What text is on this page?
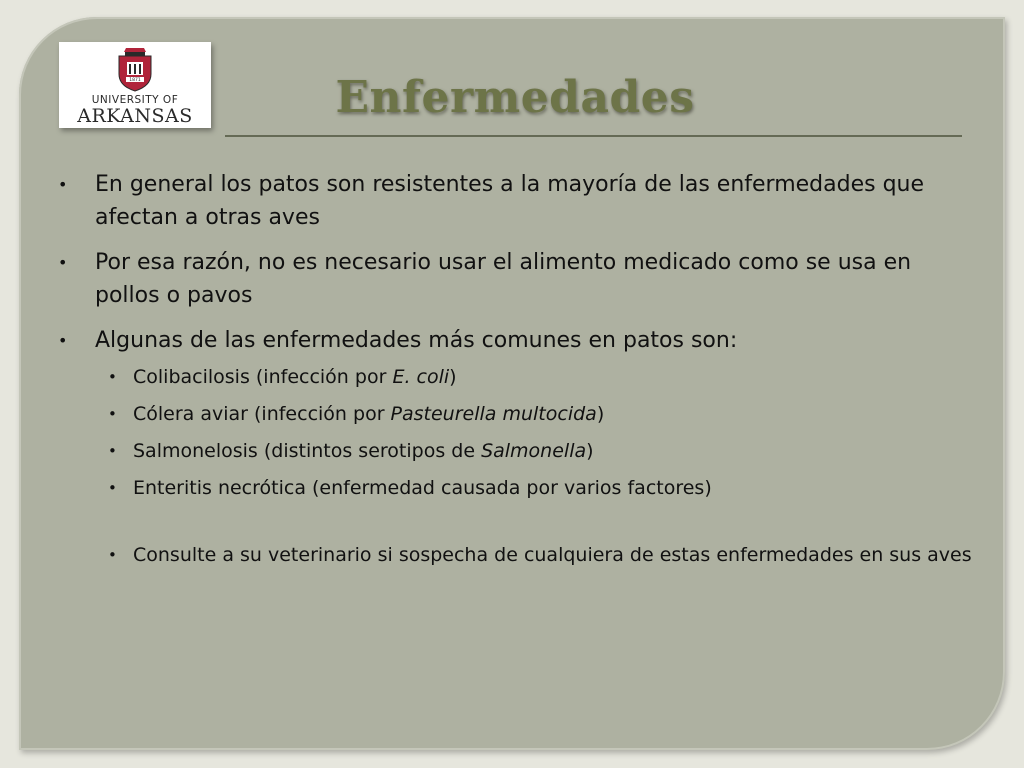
1871
UNIVERSITY OF
ARKANSAS	Enfermedades
• En general los patos son resistentes a la mayoría de las enfermedades que afectan a otras aves
• Por esa razón, no es necesario usar el alimento medicado como se usa en pollos o pavos
• Algunas de las enfermedades más comunes en patos son:
• Colibacilosis (infección por E. coli)
• Cólera aviar (infección por Pasteurella multocida)
• Salmonelosis (distintos serotipos de Salmonella)
• Enteritis necrótica (enfermedad causada por varios factores)
• Consulte a su veterinario si sospecha de cualquiera de estas enfermedades en sus aves
